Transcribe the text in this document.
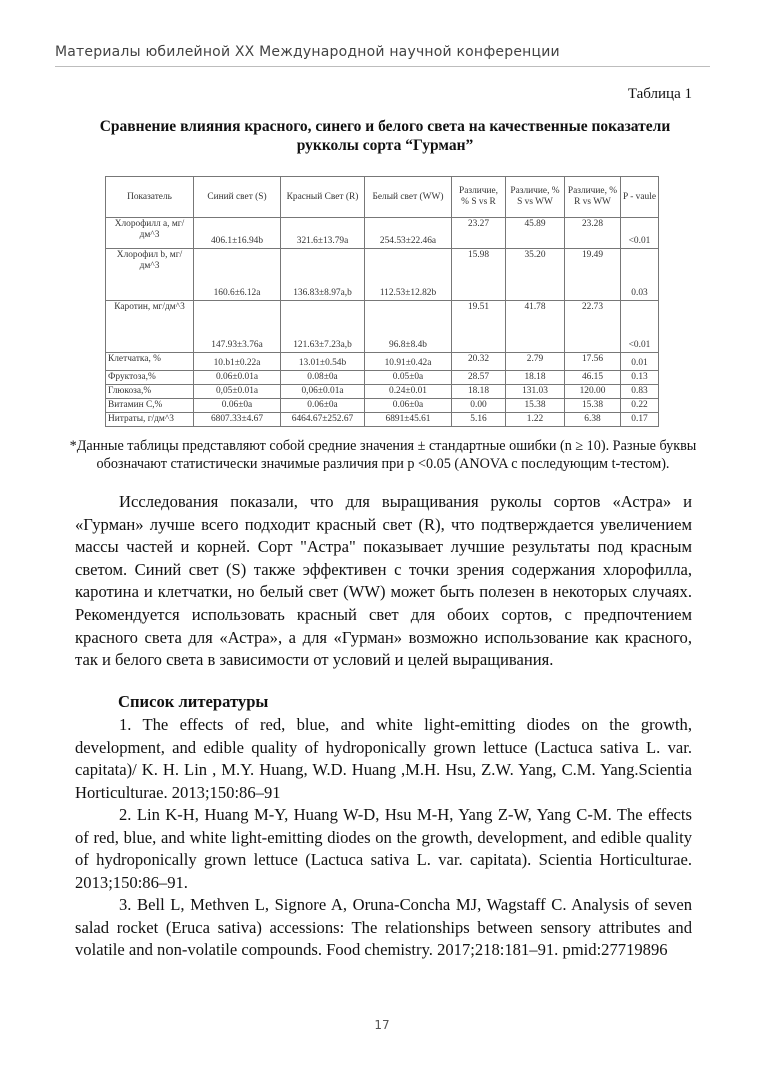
Материалы юбилейной XX Международной научной конференции
Таблица 1
Сравнение влияния красного, синего и белого света на качественные показатели рукколы сорта “Гурман”
Показатель	Синий свет (S)	Красный Свет (R)	Белый свет (WW)	Различие, % S vs R	Различие, % S vs WW	Различие, % R vs WW	P - vaule
Хлорофилл a, мг/дм^3	406.1±16.94b	321.6±13.79a	254.53±22.46a	23.27	45.89	23.28	<0.01
Хлорофил b, мг/дм^3	160.6±6.12a	136.83±8.97a,b	112.53±12.82b	15.98	35.20	19.49	0.03
Каротин, мг/дм^3	147.93±3.76a	121.63±7.23a,b	96.8±8.4b	19.51	41.78	22.73	<0.01
Клетчатка, %	10.b1±0.22a	13.01±0.54b	10.91±0.42a	20.32	2.79	17.56	0.01
Фруктоза,%	0.06±0.01a	0.08±0a	0.05±0a	28.57	18.18	46.15	0.13
Глюкоза,%	0,05±0.01a	0,06±0.01a	0.24±0.01	18.18	131.03	120.00	0.83
Витамин С,%	0.06±0a	0.06±0a	0.06±0a	0.00	15.38	15.38	0.22
Нитраты, г/дм^3	6807.33±4.67	6464.67±252.67	6891±45.61	5.16	1.22	6.38	0.17
*Данные таблицы представляют собой средние значения ± стандартные ошибки (n ≥ 10). Разные буквы обозначают статистически значимые различия при p <0.05 (ANOVA с последующим t-тестом).
Исследования показали, что для выращивания руколы сортов «Астра» и «Гурман» лучше всего подходит красный свет (R), что подтверждается увеличением массы частей и корней. Сорт "Астра" показывает лучшие результаты под красным светом. Синий свет (S) также эффективен с точки зрения содержания хлорофилла, каротина и клетчатки, но белый свет (WW) может быть полезен в некоторых случаях. Рекомендуется использовать красный свет для обоих сортов, с предпочтением красного света для «Астра», а для «Гурман» возможно использование как красного, так и белого света в зависимости от условий и целей выращивания.
Список литературы
1. The effects of red, blue, and white light-emitting diodes on the growth, development, and edible quality of hydroponically grown lettuce (Lactuca sativa L. var. capitata)/ K. H. Lin , M.Y. Huang, W.D. Huang ,M.H. Hsu, Z.W. Yang, C.M. Yang.Scientia Horticulturae. 2013;150:86–91
2. Lin K-H, Huang M-Y, Huang W-D, Hsu M-H, Yang Z-W, Yang C-M. The effects of red, blue, and white light-emitting diodes on the growth, development, and edible quality of hydroponically grown lettuce (Lactuca sativa L. var. capitata). Scientia Horticulturae. 2013;150:86–91.
3. Bell L, Methven L, Signore A, Oruna-Concha MJ, Wagstaff C. Analysis of seven salad rocket (Eruca sativa) accessions: The relationships between sensory attributes and volatile and non-volatile compounds. Food chemistry. 2017;218:181–91. pmid:27719896
17
